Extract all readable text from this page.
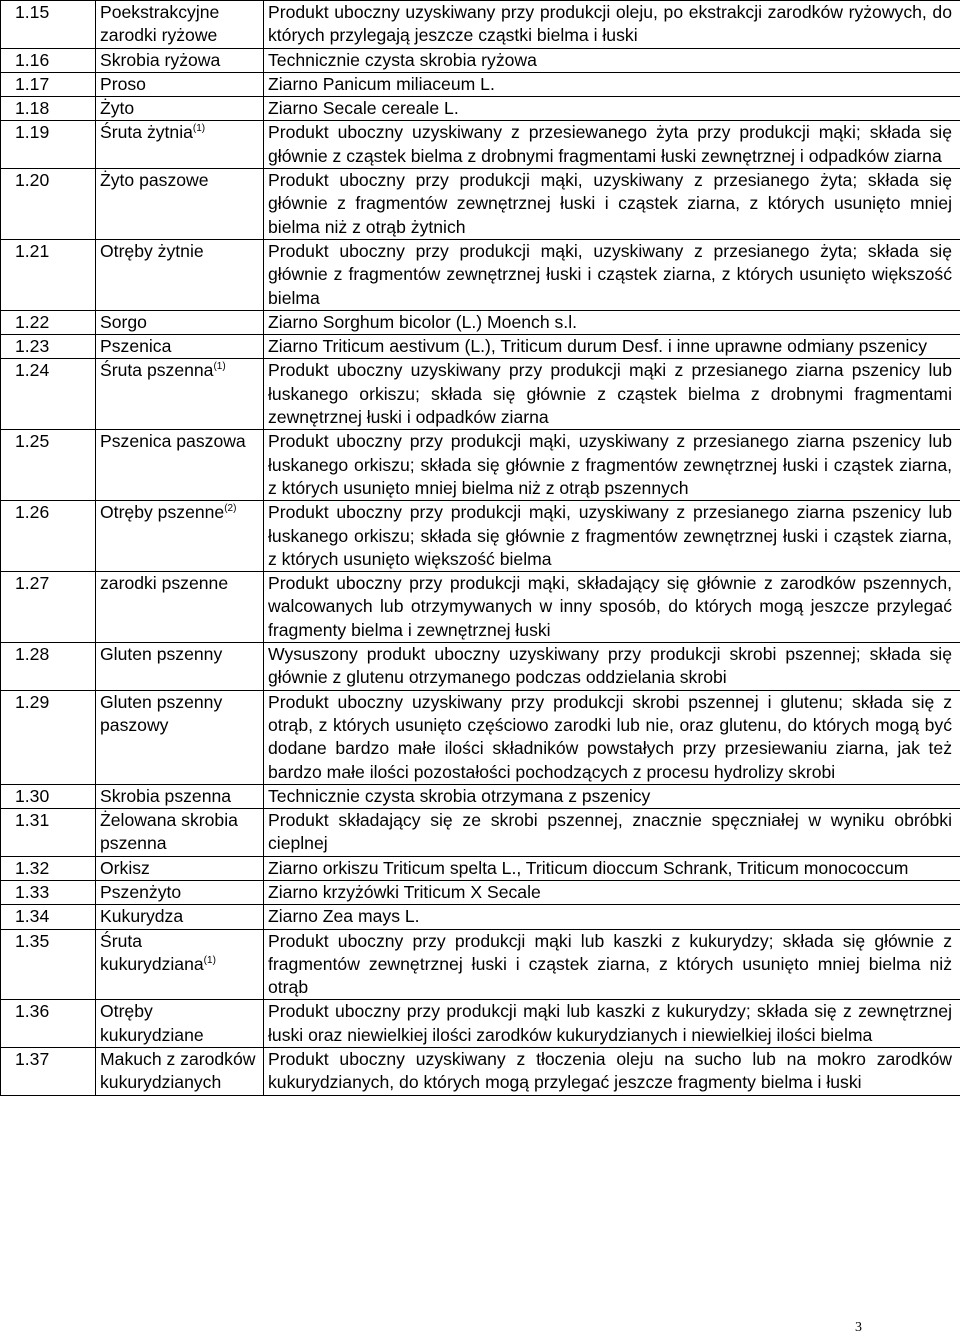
1.15	Poekstrakcyjne zarodki ryżowe	Produkt uboczny uzyskiwany przy produkcji oleju, po ekstrakcji zarodków ryżowych, do których przylegają jeszcze cząstki bielma i łuski
1.16	Skrobia ryżowa	Technicznie czysta skrobia ryżowa
1.17	Proso	Ziarno Panicum miliaceum L.
1.18	Żyto	Ziarno Secale cereale L.
1.19	Śruta żytnia$^{(1)}$	Produkt uboczny uzyskiwany z przesiewanego żyta przy produkcji mąki; składa się głównie z cząstek bielma z drobnymi fragmentami łuski zewnętrznej i odpadków ziarna
1.20	Żyto paszowe	Produkt uboczny przy produkcji mąki, uzyskiwany z przesianego żyta; składa się głównie z fragmentów zewnętrznej łuski i cząstek ziarna, z których usunięto mniej bielma niż z otrąb żytnich
1.21	Otręby żytnie	Produkt uboczny przy produkcji mąki, uzyskiwany z przesianego żyta; składa się głównie z fragmentów zewnętrznej łuski i cząstek ziarna, z których usunięto większość bielma
1.22	Sorgo	Ziarno Sorghum bicolor (L.) Moench s.l.
1.23	Pszenica	Ziarno Triticum aestivum (L.), Triticum durum Desf. i inne uprawne odmiany pszenicy
1.24	Śruta pszenna$^{(1)}$	Produkt uboczny uzyskiwany przy produkcji mąki z przesianego ziarna pszenicy lub łuskanego orkiszu; składa się głównie z cząstek bielma z drobnymi fragmentami zewnętrznej łuski i odpadków ziarna
1.25	Pszenica paszowa	Produkt uboczny przy produkcji mąki, uzyskiwany z przesianego ziarna pszenicy lub łuskanego orkiszu; składa się głównie z fragmentów zewnętrznej łuski i cząstek ziarna, z których usunięto mniej bielma niż z otrąb pszennych
1.26	Otręby pszenne$^{(2)}$	Produkt uboczny przy produkcji mąki, uzyskiwany z przesianego ziarna pszenicy lub łuskanego orkiszu; składa się głównie z fragmentów zewnętrznej łuski i cząstek ziarna, z których usunięto większość bielma
1.27	zarodki pszenne	Produkt uboczny przy produkcji mąki, składający się głównie z zarodków pszennych, walcowanych lub otrzymywanych w inny sposób, do których mogą jeszcze przylegać fragmenty bielma i zewnętrznej łuski
1.28	Gluten pszenny	Wysuszony produkt uboczny uzyskiwany przy produkcji skrobi pszennej; składa się głównie z glutenu otrzymanego podczas oddzielania skrobi
1.29	Gluten pszenny paszowy	Produkt uboczny uzyskiwany przy produkcji skrobi pszennej i glutenu; składa się z otrąb, z których usunięto częściowo zarodki lub nie, oraz glutenu, do których mogą być dodane bardzo małe ilości składników powstałych przy przesiewaniu ziarna, jak też bardzo małe ilości pozostałości pochodzących z procesu hydrolizy skrobi
1.30	Skrobia pszenna	Technicznie czysta skrobia otrzymana z pszenicy
1.31	Żelowana skrobia pszenna	Produkt składający się ze skrobi pszennej, znacznie spęczniałej w wyniku obróbki cieplnej
1.32	Orkisz	Ziarno orkiszu Triticum spelta L., Triticum dioccum Schrank, Triticum monococcum
1.33	Pszenżyto	Ziarno krzyżówki Triticum X Secale
1.34	Kukurydza	Ziarno Zea mays L.
1.35	Śruta kukurydziana$^{(1)}$	Produkt uboczny przy produkcji mąki lub kaszki z kukurydzy; składa się głównie z fragmentów zewnętrznej łuski i cząstek ziarna, z których usunięto mniej bielma niż otrąb
1.36	Otręby kukurydziane	Produkt uboczny przy produkcji mąki lub kaszki z kukurydzy; składa się z zewnętrznej łuski oraz niewielkiej ilości zarodków kukurydzianych i niewielkiej ilości bielma
1.37	Makuch z zarodków kukurydzianych	Produkt uboczny uzyskiwany z tłoczenia oleju na sucho lub na mokro zarodków kukurydzianych, do których mogą przylegać jeszcze fragmenty bielma i łuski
3
